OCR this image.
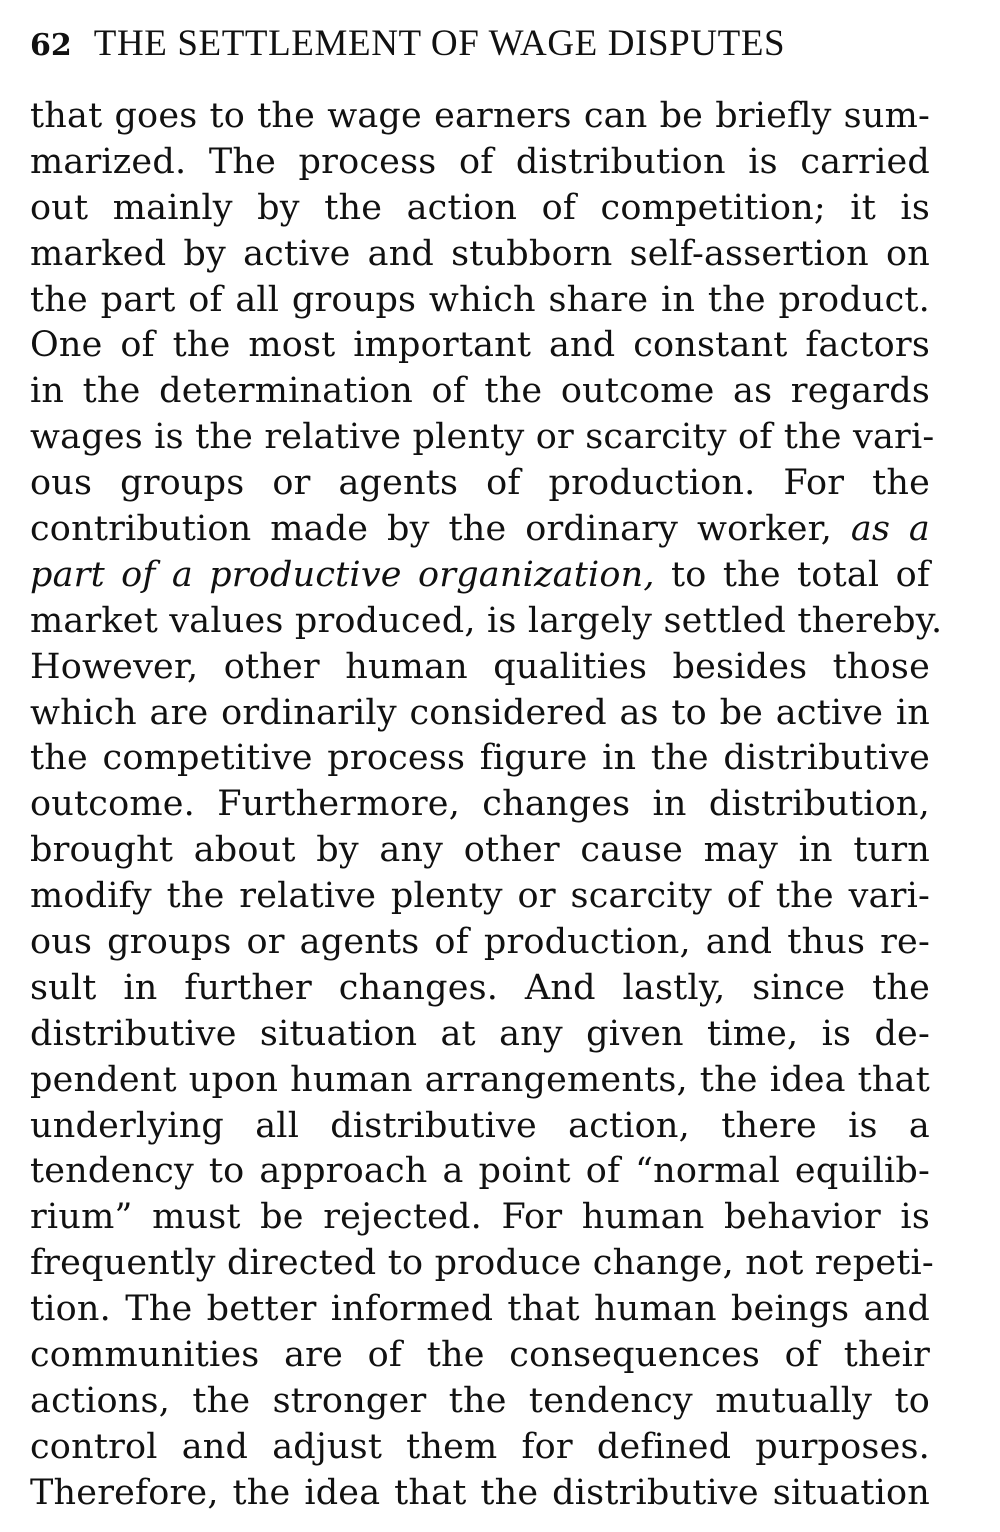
62 THE SETTLEMENT OF WAGE DISPUTES
that goes to the wage earners can be briefly sum-
marized. The process of distribution is carried
out mainly by the action of competition; it is
marked by active and stubborn self-assertion on
the part of all groups which share in the product.
One of the most important and constant factors
in the determination of the outcome as regards
wages is the relative plenty or scarcity of the vari-
ous groups or agents of production. For the
contribution made by the ordinary worker, as a
part of a productive organization, to the total of
market values produced, is largely settled thereby.
However, other human qualities besides those
which are ordinarily considered as to be active in
the competitive process figure in the distributive
outcome. Furthermore, changes in distribution,
brought about by any other cause may in turn
modify the relative plenty or scarcity of the vari-
ous groups or agents of production, and thus re-
sult in further changes. And lastly, since the
distributive situation at any given time, is de-
pendent upon human arrangements, the idea that
underlying all distributive action, there is a
tendency to approach a point of “normal equilib-
rium” must be rejected. For human behavior is
frequently directed to produce change, not repeti-
tion. The better informed that human beings and
communities are of the consequences of their
actions, the stronger the tendency mutually to
control and adjust them for defined purposes.
Therefore, the idea that the distributive situation
